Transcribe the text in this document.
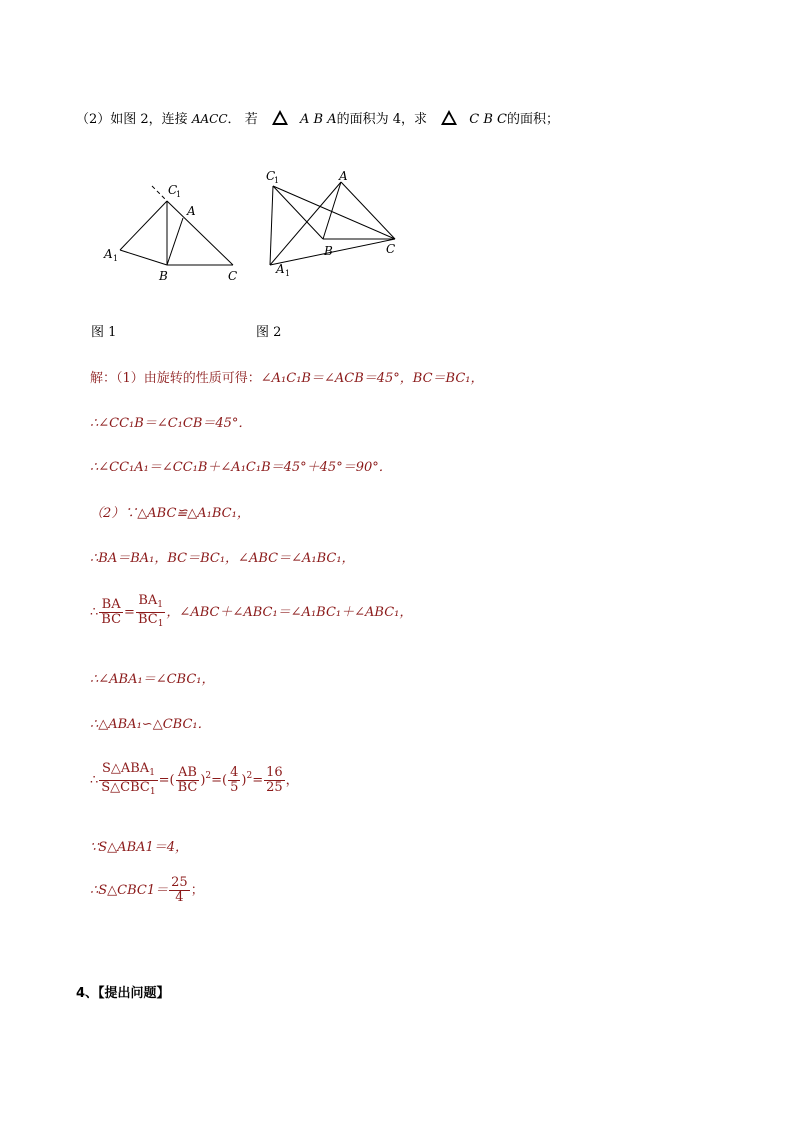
（2）如图 2，连接 AACC． 若	A B A的面积为 4，求	C B C的面积；
C
1
A
A 1
B	C
C
1	A
A 1
B	C
图 1	图 2
解：（1）由旋转的性质可得：∠A₁C₁B＝∠ACB＝45°，BC＝BC₁，
∴∠CC₁B＝∠C₁CB＝45°．
∴∠CC₁A₁＝∠CC₁B＋∠A₁C₁B＝45°＋45°＝90°．
（2）∵△ABC≌△A₁BC₁，
∴BA＝BA₁，BC＝BC₁，∠ABC＝∠A₁BC₁，
∴ $\frac{BA}{BC} = \frac{BA_1}{BC_1}$ ，∠ABC＋∠ABC₁＝∠A₁BC₁＋∠ABC₁，
∴∠ABA₁＝∠CBC₁，
∴△ABA₁∽△CBC₁．
∴ $\frac{S\triangle ABA_1}{S\triangle CBC_1}$ =( $\frac{AB}{BC} )^2=( \frac{4}{5} )^2= \frac{16}{25}$ ，
∵S△ABA1＝4，
∴S△CBC1＝ $\frac{25}{4}$ ；
4、【提出问题】
